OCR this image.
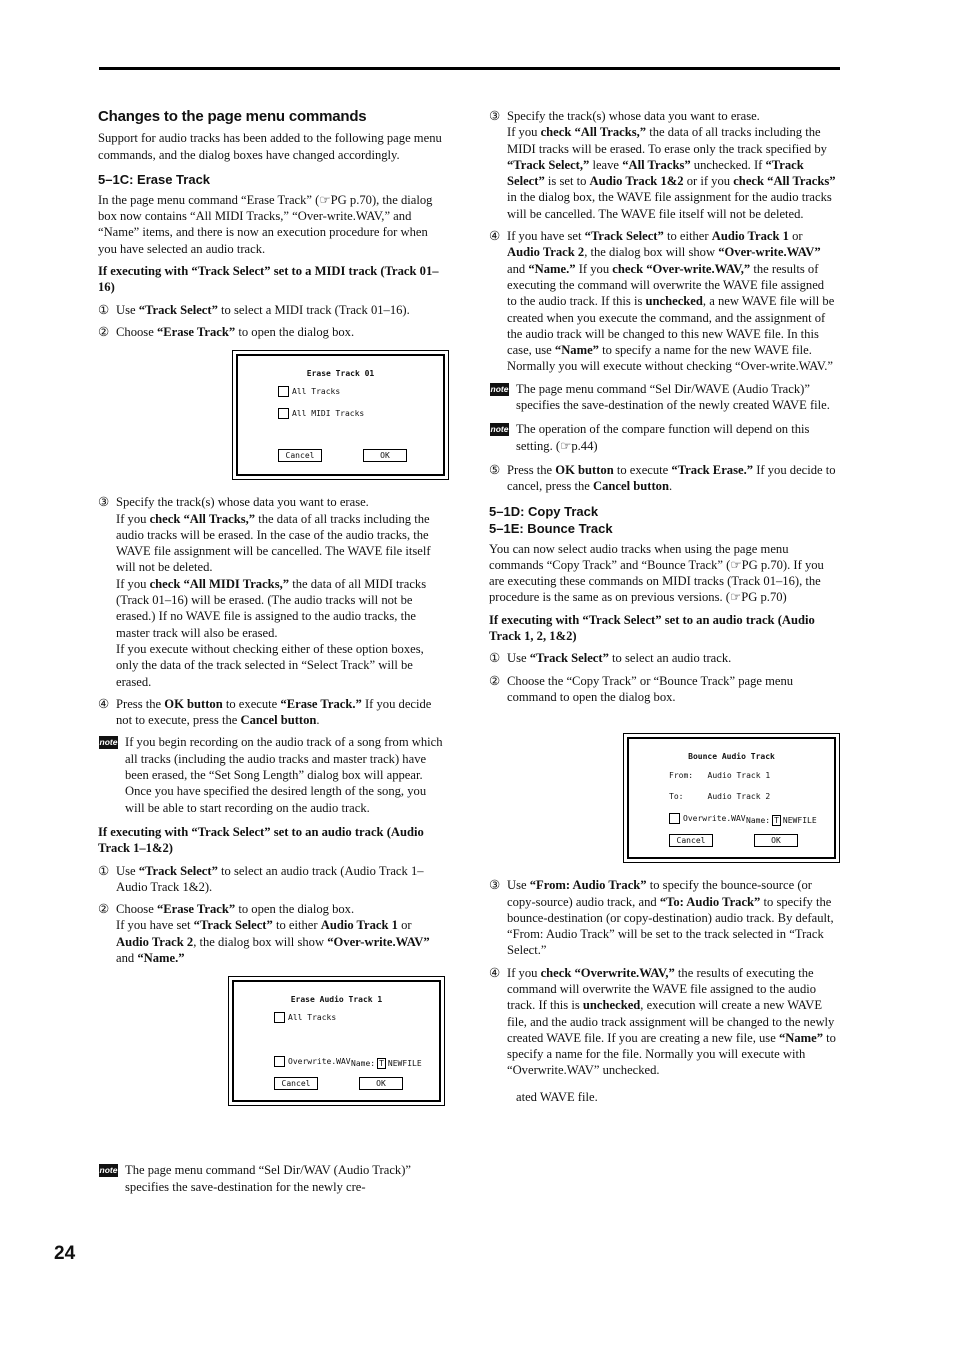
Changes to the page menu commands

Support for audio tracks has been added to the following page menu commands, and the dialog boxes have changed accordingly.

5–1C: Erase Track

In the page menu command “Erase Track” (☞PG p.70), the dialog box now contains “All MIDI Tracks,” “Over-write.WAV,” and “Name” items, and there is now an execution procedure for when you have selected an audio track.

If executing with “Track Select” set to a MIDI track (Track 01–16)

① Use “Track Select” to select a MIDI track (Track 01–16).
② Choose “Erase Track” to open the dialog box.
Erase Track 01
All Tracks
All MIDI Tracks
Cancel	OK
③ Specify the track(s) whose data you want to erase.
If you check “All Tracks,” the data of all tracks including the audio tracks will be erased. In the case of the audio tracks, the WAVE file assignment will be cancelled. The WAVE file itself will not be deleted.
If you check “All MIDI Tracks,” the data of all MIDI tracks (Track 01–16) will be erased. (The audio tracks will not be erased.) If no WAVE file is assigned to the audio tracks, the master track will also be erased.
If you execute without checking either of these option boxes, only the data of the track selected in “Select Track” will be erased.
④ Press the OK button to execute “Erase Track.” If you decide not to execute, press the Cancel button.
note If you begin recording on the audio track of a song from which all tracks (including the audio tracks and master track) have been erased, the “Set Song Length” dialog box will appear. Once you have specified the desired length of the song, you will be able to start recording on the audio track.

If executing with “Track Select” set to an audio track (Audio Track 1–1&2)

① Use “Track Select” to select an audio track (Audio Track 1–Audio Track 1&2).
② Choose “Erase Track” to open the dialog box.
If you have set “Track Select” to either Audio Track 1 or Audio Track 2, the dialog box will show “Over-write.WAV” and “Name.”
Erase Audio Track 1
All Tracks
Overwrite.WAV Name: T NEWFILE
Cancel	OK
note The page menu command “Sel Dir/WAV (Audio Track)” specifies the save-destination for the newly cre-
③ Specify the track(s) whose data you want to erase.
If you check “All Tracks,” the data of all tracks including the MIDI tracks will be erased. To erase only the track specified by “Track Select,” leave “All Tracks” unchecked. If “Track Select” is set to Audio Track 1&2 or if you check “All Tracks” in the dialog box, the WAVE file assignment for the audio tracks will be cancelled. The WAVE file itself will not be deleted.
④ If you have set “Track Select” to either Audio Track 1 or Audio Track 2, the dialog box will show “Over-write.WAV” and “Name.” If you check “Over-write.WAV,” the results of executing the command will overwrite the WAVE file assigned to the audio track. If this is unchecked, a new WAVE file will be created when you execute the command, and the assignment of the audio track will be changed to this new WAVE file. In this case, use “Name” to specify a name for the new WAVE file. Normally you will execute without checking “Over-write.WAV.”
note The page menu command “Sel Dir/WAVE (Audio Track)” specifies the save-destination of the newly created WAVE file.
note The operation of the compare function will depend on this setting. (☞p.44)
⑤ Press the OK button to execute “Track Erase.” If you decide to cancel, press the Cancel button.
5–1D: Copy Track
5–1E: Bounce Track

You can now select audio tracks when using the page menu commands “Copy Track” and “Bounce Track” (☞PG p.70). If you are executing these commands on MIDI tracks (Track 01–16), the procedure is the same as on previous versions. (☞PG p.70)

If executing with “Track Select” set to an audio track (Audio Track 1, 2, 1&2)

① Use “Track Select” to select an audio track.
② Choose the “Copy Track” or “Bounce Track” page menu command to open the dialog box.
Bounce Audio Track
From: Audio Track 1
To:	Audio Track 2
Overwrite.WAV Name: T NEWFILE
Cancel	OK
③ Use “From: Audio Track” to specify the bounce-source (or copy-source) audio track, and “To: Audio Track” to specify the bounce-destination (or copy-destination) audio track. By default, “From: Audio Track” will be set to the track selected in “Track Select.”
④ If you check “Overwrite.WAV,” the results of executing the command will overwrite the WAVE file assigned to the audio track. If this is unchecked, execution will create a new WAVE file, and the audio track assignment will be changed to the newly created WAVE file. If you are creating a new file, use “Name” to specify a name for the file. Normally you will execute with “Overwrite.WAV” unchecked.

ated WAVE file.

24
